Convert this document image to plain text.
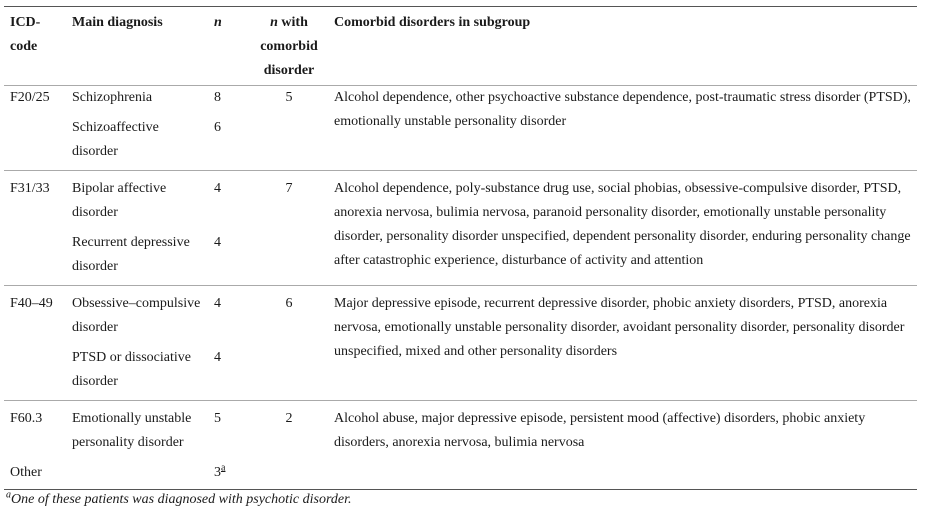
ICD-code	Main diagnosis	n	n with comorbid disorder	Comorbid disorders in subgroup
F20/25	Schizophrenia	8	5	Alcohol dependence, other psychoactive substance dependence, post-traumatic stress disorder (PTSD), emotionally unstable personality disorder
	Schizoaffective disorder	6		
F31/33	Bipolar affective disorder	4	7	Alcohol dependence, poly-substance drug use, social phobias, obsessive-compulsive disorder, PTSD, anorexia nervosa, bulimia nervosa, paranoid personality disorder, emotionally unstable personality disorder, personality disorder unspecified, dependent personality disorder, enduring personality change after catastrophic experience, disturbance of activity and attention
	Recurrent depressive disorder	4		
F40–49	Obsessive–compulsive disorder	4	6	Major depressive episode, recurrent depressive disorder, phobic anxiety disorders, PTSD, anorexia nervosa, emotionally unstable personality disorder, avoidant personality disorder, personality disorder unspecified, mixed and other personality disorders
	PTSD or dissociative disorder	4		
F60.3	Emotionally unstable personality disorder	5	2	Alcohol abuse, major depressive episode, persistent mood (affective) disorders, phobic anxiety disorders, anorexia nervosa, bulimia nervosa
Other		3$^a$		
$^a$One of these patients was diagnosed with psychotic disorder.
